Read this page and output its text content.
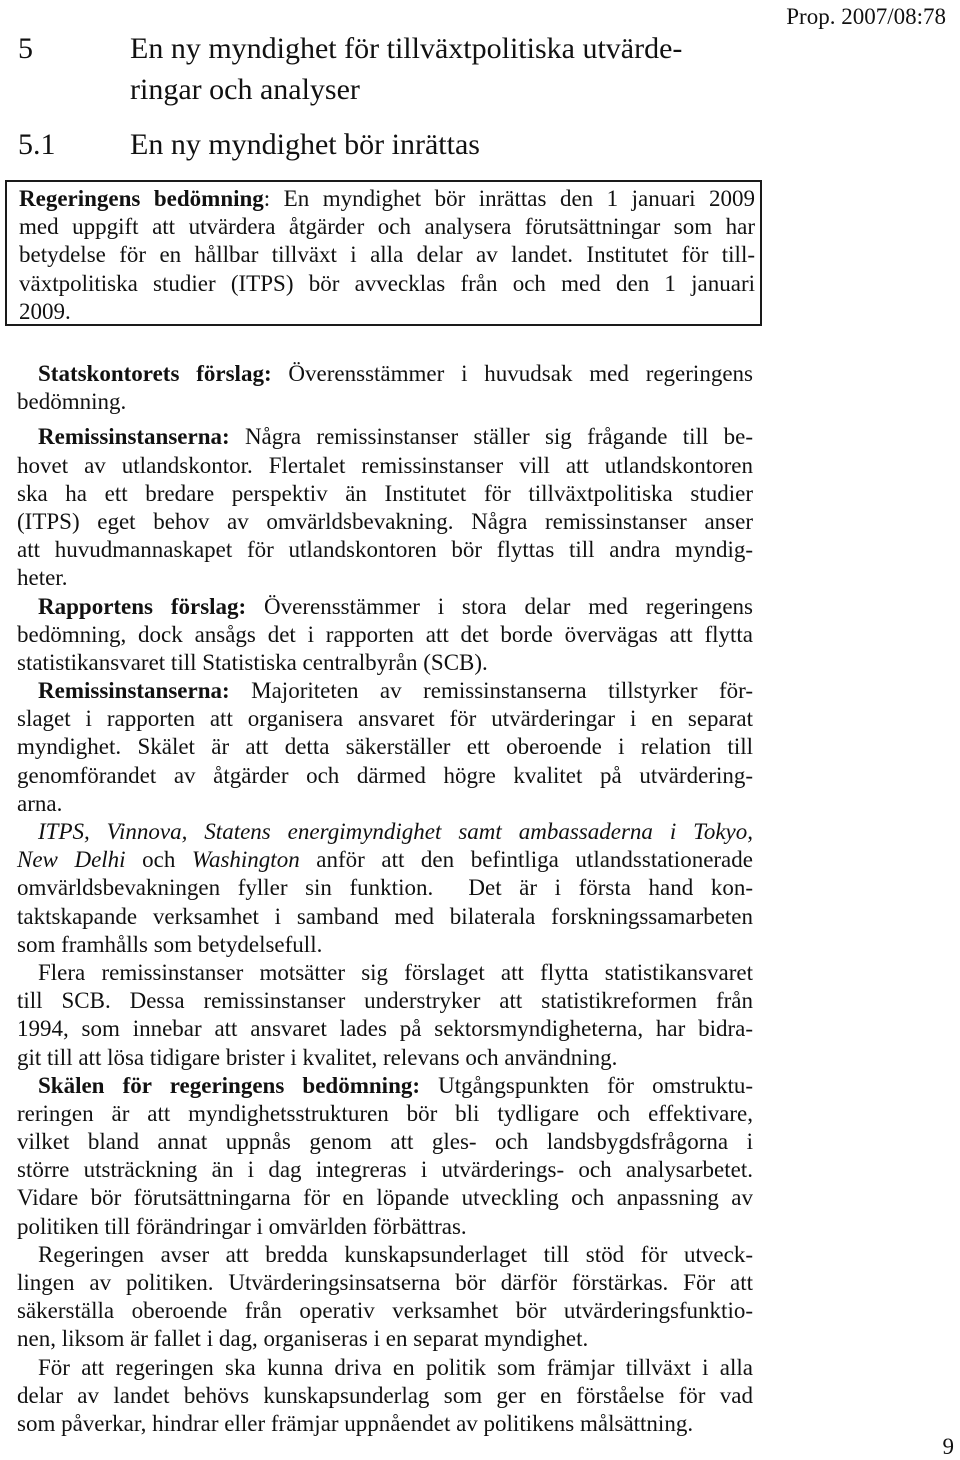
Prop. 2007/08:78
5	En ny myndighet för tillväxtpolitiska utvärde-
ringar och analyser
5.1 En ny myndighet bör inrättas
Regeringens bedömning: En myndighet bör inrättas den 1 januari 2009
med uppgift att utvärdera åtgärder och analysera förutsättningar som har
betydelse för en hållbar tillväxt i alla delar av landet. Institutet för till-
växtpolitiska studier (ITPS) bör avvecklas från och med den 1 januari
2009.
Statskontorets förslag: Överensstämmer i huvudsak med regeringens
bedömning.
Remissinstanserna: Några remissinstanser ställer sig frågande till be-
hovet av utlandskontor. Flertalet remissinstanser vill att utlandskontoren
ska ha ett bredare perspektiv än Institutet för tillväxtpolitiska studier
(ITPS) eget behov av omvärldsbevakning. Några remissinstanser anser
att huvudmannaskapet för utlandskontoren bör flyttas till andra myndig-
heter.
Rapportens förslag: Överensstämmer i stora delar med regeringens
bedömning, dock ansågs det i rapporten att det borde övervägas att flytta
statistikansvaret till Statistiska centralbyrån (SCB).
Remissinstanserna: Majoriteten av remissinstanserna tillstyrker för-
slaget i rapporten att organisera ansvaret för utvärderingar i en separat
myndighet. Skälet är att detta säkerställer ett oberoende i relation till
genomförandet av åtgärder och därmed högre kvalitet på utvärdering-
arna.
ITPS, Vinnova, Statens energimyndighet samt ambassaderna i Tokyo,
New Delhi och Washington anför att den befintliga utlandsstationerade
omvärldsbevakningen fyller sin funktion.  Det är i första hand kon-
taktskapande verksamhet i samband med bilaterala forskningssamarbeten
som framhålls som betydelsefull.
Flera remissinstanser motsätter sig förslaget att flytta statistikansvaret
till SCB. Dessa remissinstanser understryker att statistikreformen från
1994, som innebar att ansvaret lades på sektorsmyndigheterna, har bidra-
git till att lösa tidigare brister i kvalitet, relevans och användning.
Skälen för regeringens bedömning: Utgångspunkten för omstruktu-
reringen är att myndighetsstrukturen bör bli tydligare och effektivare,
vilket bland annat uppnås genom att gles- och landsbygdsfrågorna i
större utsträckning än i dag integreras i utvärderings- och analysarbetet.
Vidare bör förutsättningarna för en löpande utveckling och anpassning av
politiken till förändringar i omvärlden förbättras.
Regeringen avser att bredda kunskapsunderlaget till stöd för utveck-
lingen av politiken. Utvärderingsinsatserna bör därför förstärkas. För att
säkerställa oberoende från operativ verksamhet bör utvärderingsfunktio-
nen, liksom är fallet i dag, organiseras i en separat myndighet.
För att regeringen ska kunna driva en politik som främjar tillväxt i alla
delar av landet behövs kunskapsunderlag som ger en förståelse för vad
som påverkar, hindrar eller främjar uppnåendet av politikens målsättning.
9
